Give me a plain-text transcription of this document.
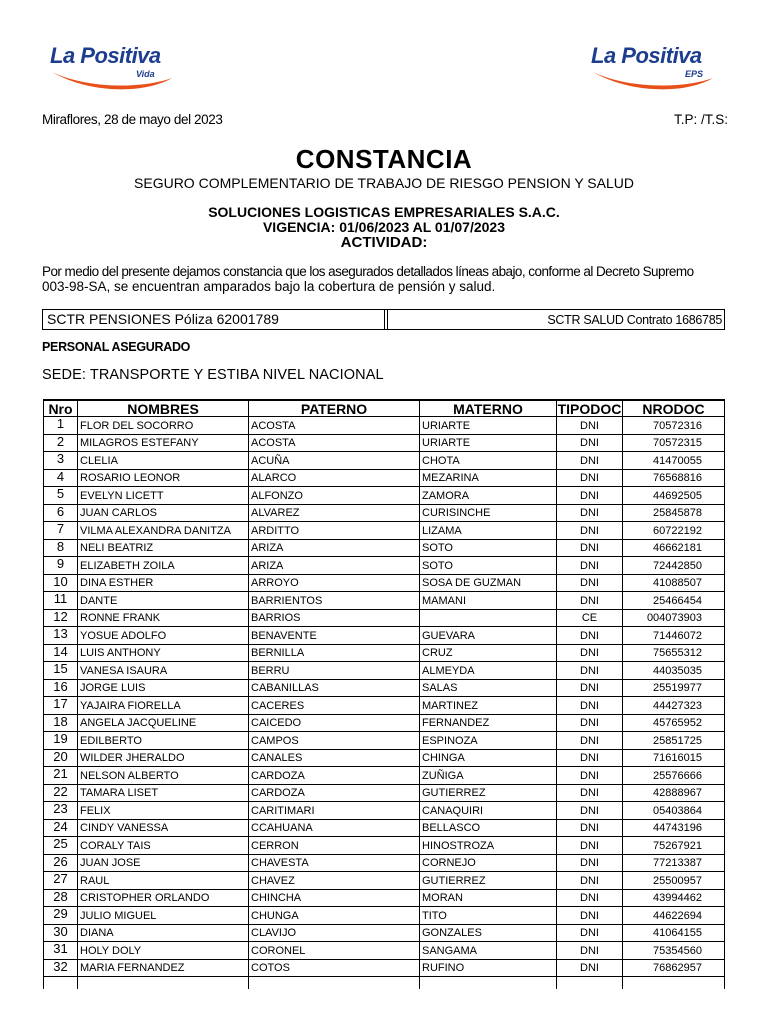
La Positiva
Vida
La Positiva
EPS
Miraflores, 28 de mayo del 2023	T.P: /T.S:
CONSTANCIA
SEGURO COMPLEMENTARIO DE TRABAJO DE RIESGO PENSION Y SALUD
SOLUCIONES LOGISTICAS EMPRESARIALES S.A.C.
VIGENCIA: 01/06/2023 AL 01/07/2023
ACTIVIDAD:
Por medio del presente dejamos constancia que los asegurados detallados líneas abajo, conforme al Decreto Supremo
003-98-SA, se encuentran amparados bajo la cobertura de pensión y salud.
SCTR PENSIONES Póliza 62001789	SCTR SALUD Contrato 1686785
PERSONAL ASEGURADO
SEDE: TRANSPORTE Y ESTIBA NIVEL NACIONAL
Nro	NOMBRES	PATERNO	MATERNO	TIPODOC	NRODOC
1	FLOR DEL SOCORRO	ACOSTA	URIARTE	DNI	70572316
2	MILAGROS ESTEFANY	ACOSTA	URIARTE	DNI	70572315
3	CLELIA	ACUÑA	CHOTA	DNI	41470055
4	ROSARIO LEONOR	ALARCO	MEZARINA	DNI	76568816
5	EVELYN LICETT	ALFONZO	ZAMORA	DNI	44692505
6	JUAN CARLOS	ALVAREZ	CURISINCHE	DNI	25845878
7	VILMA ALEXANDRA DANITZA	ARDITTO	LIZAMA	DNI	60722192
8	NELI BEATRIZ	ARIZA	SOTO	DNI	46662181
9	ELIZABETH ZOILA	ARIZA	SOTO	DNI	72442850
10	DINA ESTHER	ARROYO	SOSA DE GUZMAN	DNI	41088507
11	DANTE	BARRIENTOS	MAMANI	DNI	25466454
12	RONNE FRANK	BARRIOS		CE	004073903
13	YOSUE ADOLFO	BENAVENTE	GUEVARA	DNI	71446072
14	LUIS ANTHONY	BERNILLA	CRUZ	DNI	75655312
15	VANESA ISAURA	BERRU	ALMEYDA	DNI	44035035
16	JORGE LUIS	CABANILLAS	SALAS	DNI	25519977
17	YAJAIRA FIORELLA	CACERES	MARTINEZ	DNI	44427323
18	ANGELA JACQUELINE	CAICEDO	FERNANDEZ	DNI	45765952
19	EDILBERTO	CAMPOS	ESPINOZA	DNI	25851725
20	WILDER JHERALDO	CANALES	CHINGA	DNI	71616015
21	NELSON ALBERTO	CARDOZA	ZUÑIGA	DNI	25576666
22	TAMARA LISET	CARDOZA	GUTIERREZ	DNI	42888967
23	FELIX	CARITIMARI	CANAQUIRI	DNI	05403864
24	CINDY VANESSA	CCAHUANA	BELLASCO	DNI	44743196
25	CORALY TAIS	CERRON	HINOSTROZA	DNI	75267921
26	JUAN JOSE	CHAVESTA	CORNEJO	DNI	77213387
27	RAUL	CHAVEZ	GUTIERREZ	DNI	25500957
28	CRISTOPHER ORLANDO	CHINCHA	MORAN	DNI	43994462
29	JULIO MIGUEL	CHUNGA	TITO	DNI	44622694
30	DIANA	CLAVIJO	GONZALES	DNI	41064155
31	HOLY DOLY	CORONEL	SANGAMA	DNI	75354560
32	MARIA FERNANDEZ	COTOS	RUFINO	DNI	76862957
